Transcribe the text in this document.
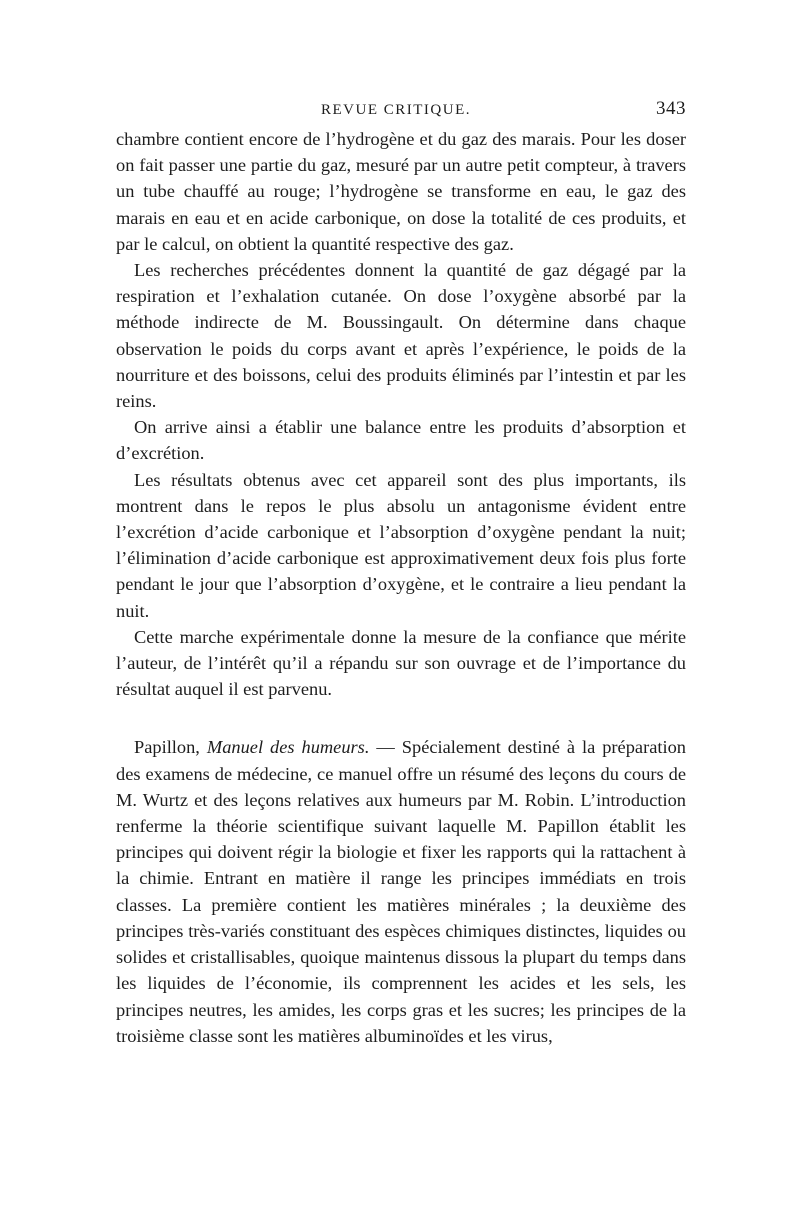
REVUE CRITIQUE.	343

chambre contient encore de l’hydrogène et du gaz des marais. Pour les doser on fait passer une partie du gaz, mesuré par un autre petit compteur, à travers un tube chauffé au rouge; l’hydrogène se transforme en eau, le gaz des marais en eau et en acide carbonique, on dose la totalité de ces produits, et par le calcul, on obtient la quantité respective des gaz.

Les recherches précédentes donnent la quantité de gaz dégagé par la respiration et l’exhalation cutanée. On dose l’oxygène absorbé par la méthode indirecte de M. Boussingault. On détermine dans chaque observation le poids du corps avant et après l’expérience, le poids de la nourriture et des boissons, celui des produits éliminés par l’intestin et par les reins.

On arrive ainsi a établir une balance entre les produits d’absorption et d’excrétion.

Les résultats obtenus avec cet appareil sont des plus importants, ils montrent dans le repos le plus absolu un antagonisme évident entre l’excrétion d’acide carbonique et l’absorption d’oxygène pendant la nuit; l’élimination d’acide carbonique est approximativement deux fois plus forte pendant le jour que l’absorption d’oxygène, et le contraire a lieu pendant la nuit.

Cette marche expérimentale donne la mesure de la confiance que mérite l’auteur, de l’intérêt qu’il a répandu sur son ouvrage et de l’importance du résultat auquel il est parvenu.

Papillon, Manuel des humeurs. — Spécialement destiné à la préparation des examens de médecine, ce manuel offre un résumé des leçons du cours de M. Wurtz et des leçons relatives aux humeurs par M. Robin. L’introduction renferme la théorie scientifique suivant laquelle M. Papillon établit les principes qui doivent régir la biologie et fixer les rapports qui la rattachent à la chimie. Entrant en matière il range les principes immédiats en trois classes. La première contient les matières minérales ; la deuxième des principes très-variés constituant des espèces chimiques distinctes, liquides ou solides et cristallisables, quoique maintenus dissous la plupart du temps dans les liquides de l’économie, ils comprennent les acides et les sels, les principes neutres, les amides, les corps gras et les sucres; les principes de la troisième classe sont les matières albuminoïdes et les virus,
